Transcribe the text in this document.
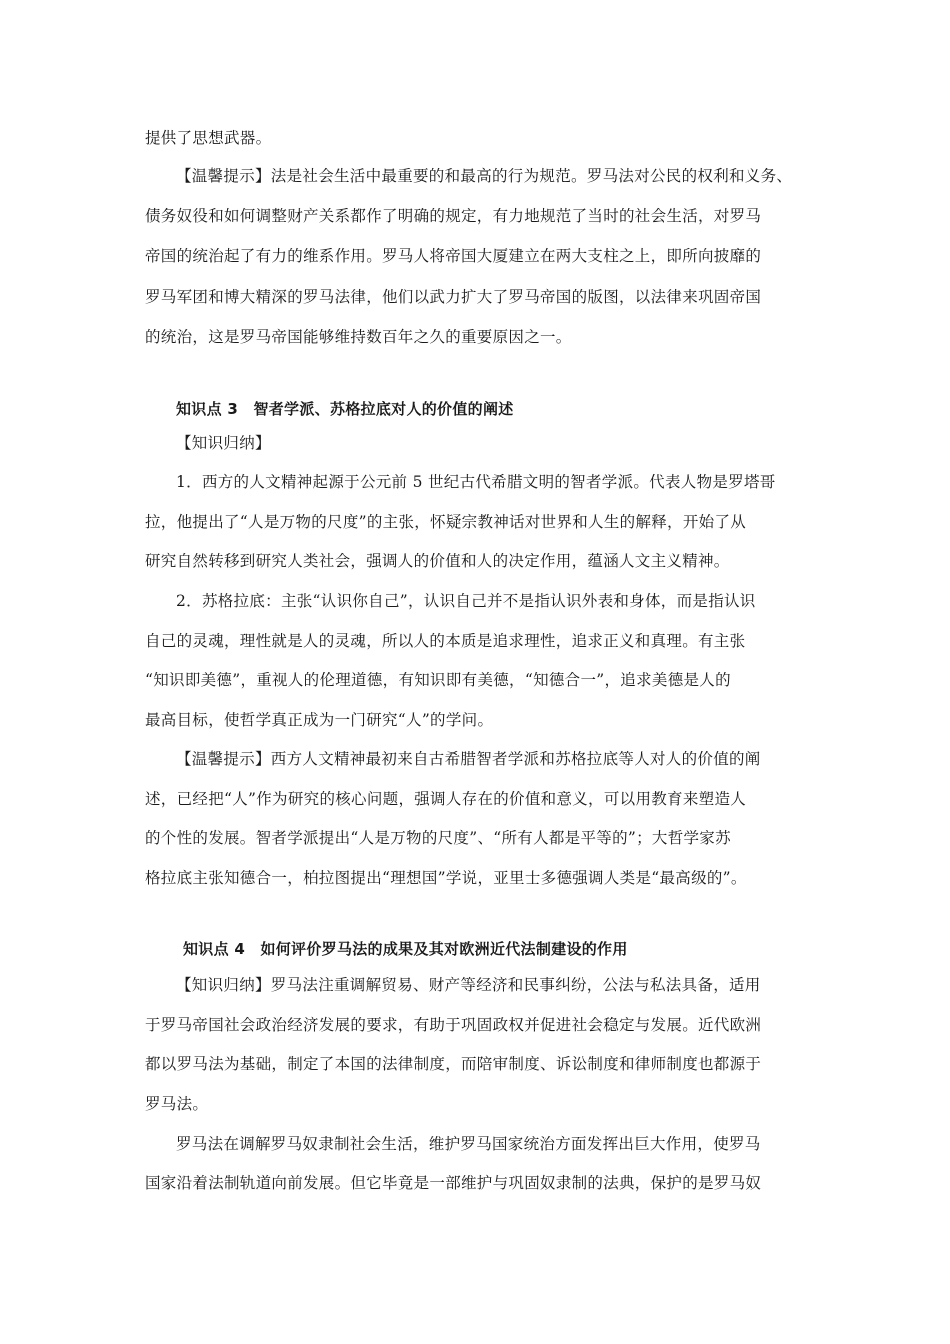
提供了思想武器。
【温馨提示】法是社会生活中最重要的和最高的行为规范。罗马法对公民的权利和义务、
债务奴役和如何调整财产关系都作了明确的规定，有力地规范了当时的社会生活，对罗马
帝国的统治起了有力的维系作用。罗马人将帝国大厦建立在两大支柱之上，即所向披靡的
罗马军团和博大精深的罗马法律，他们以武力扩大了罗马帝国的版图，以法律来巩固帝国
的统治，这是罗马帝国能够维持数百年之久的重要原因之一。
知识点 3　智者学派、苏格拉底对人的价值的阐述
【知识归纳】
1．西方的人文精神起源于公元前 5 世纪古代希腊文明的智者学派。代表人物是罗塔哥
拉，他提出了“人是万物的尺度”的主张，怀疑宗教神话对世界和人生的解释，开始了从
研究自然转移到研究人类社会，强调人的价值和人的决定作用，蕴涵人文主义精神。
2．苏格拉底：主张“认识你自己”，认识自己并不是指认识外表和身体，而是指认识
自己的灵魂，理性就是人的灵魂，所以人的本质是追求理性，追求正义和真理。有主张
“知识即美德”，重视人的伦理道德，有知识即有美德，“知德合一”，追求美德是人的
最高目标，使哲学真正成为一门研究“人”的学问。
【温馨提示】西方人文精神最初来自古希腊智者学派和苏格拉底等人对人的价值的阐
述，已经把“人”作为研究的核心问题，强调人存在的价值和意义，可以用教育来塑造人
的个性的发展。智者学派提出“人是万物的尺度”、“所有人都是平等的”；大哲学家苏
格拉底主张知德合一，柏拉图提出“理想国”学说，亚里士多德强调人类是“最高级的”。
知识点 4　如何评价罗马法的成果及其对欧洲近代法制建设的作用
【知识归纳】罗马法注重调解贸易、财产等经济和民事纠纷，公法与私法具备，适用
于罗马帝国社会政治经济发展的要求，有助于巩固政权并促进社会稳定与发展。近代欧洲
都以罗马法为基础，制定了本国的法律制度，而陪审制度、诉讼制度和律师制度也都源于
罗马法。
罗马法在调解罗马奴隶制社会生活，维护罗马国家统治方面发挥出巨大作用，使罗马
国家沿着法制轨道向前发展。但它毕竟是一部维护与巩固奴隶制的法典，保护的是罗马奴
